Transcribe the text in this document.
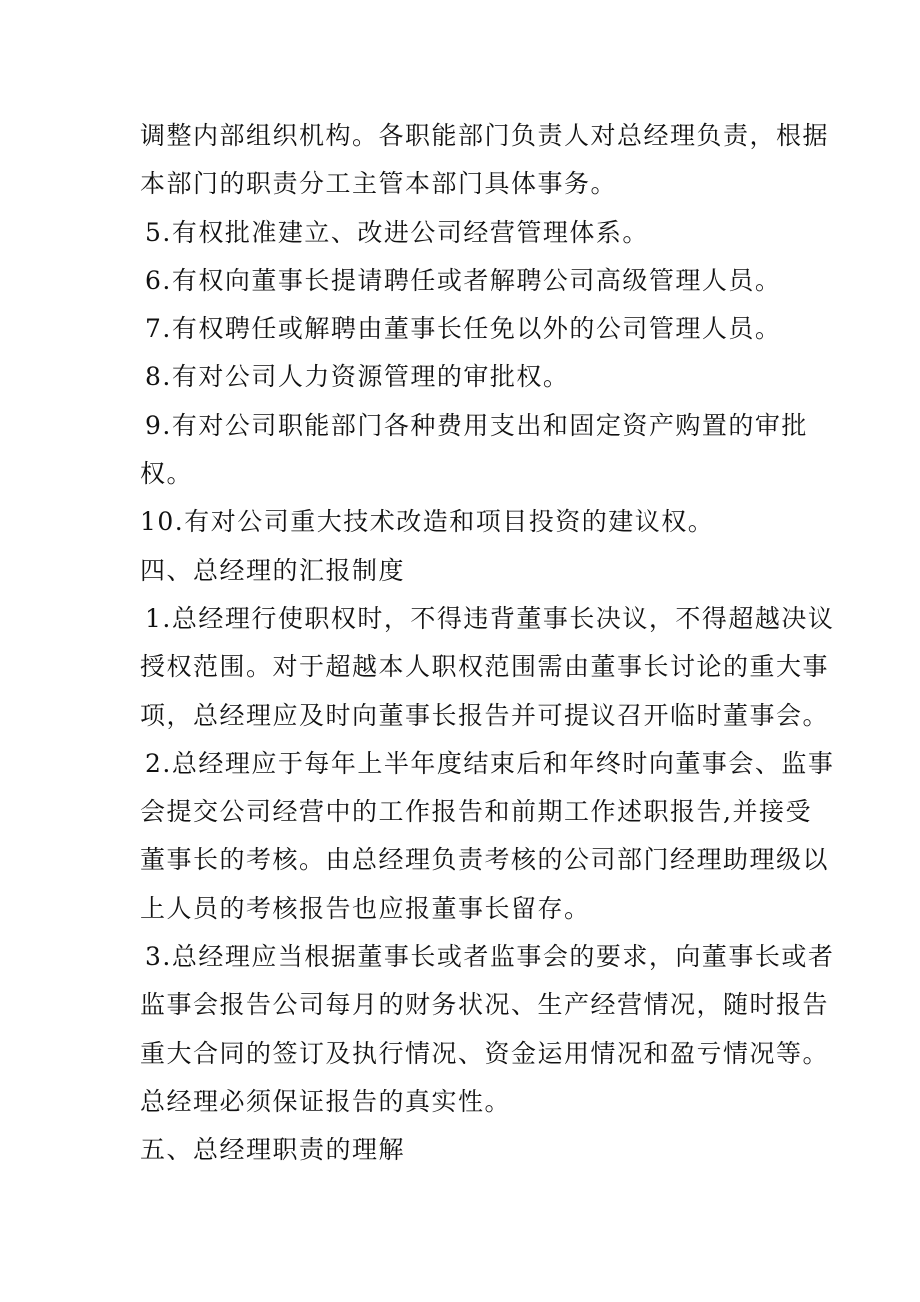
调整内部组织机构。各职能部门负责人对总经理负责，根据
本部门的职责分工主管本部门具体事务。
5.有权批准建立、改进公司经营管理体系。
6.有权向董事长提请聘任或者解聘公司高级管理人员。
7.有权聘任或解聘由董事长任免以外的公司管理人员。
8.有对公司人力资源管理的审批权。
9.有对公司职能部门各种费用支出和固定资产购置的审批
权。
10.有对公司重大技术改造和项目投资的建议权。
四、总经理的汇报制度
1.总经理行使职权时，不得违背董事长决议，不得超越决议
授权范围。对于超越本人职权范围需由董事长讨论的重大事
项，总经理应及时向董事长报告并可提议召开临时董事会。
2.总经理应于每年上半年度结束后和年终时向董事会、监事
会提交公司经营中的工作报告和前期工作述职报告,并接受
董事长的考核。由总经理负责考核的公司部门经理助理级以
上人员的考核报告也应报董事长留存。
3.总经理应当根据董事长或者监事会的要求，向董事长或者
监事会报告公司每月的财务状况、生产经营情况，随时报告
重大合同的签订及执行情况、资金运用情况和盈亏情况等。
总经理必须保证报告的真实性。
五、总经理职责的理解
